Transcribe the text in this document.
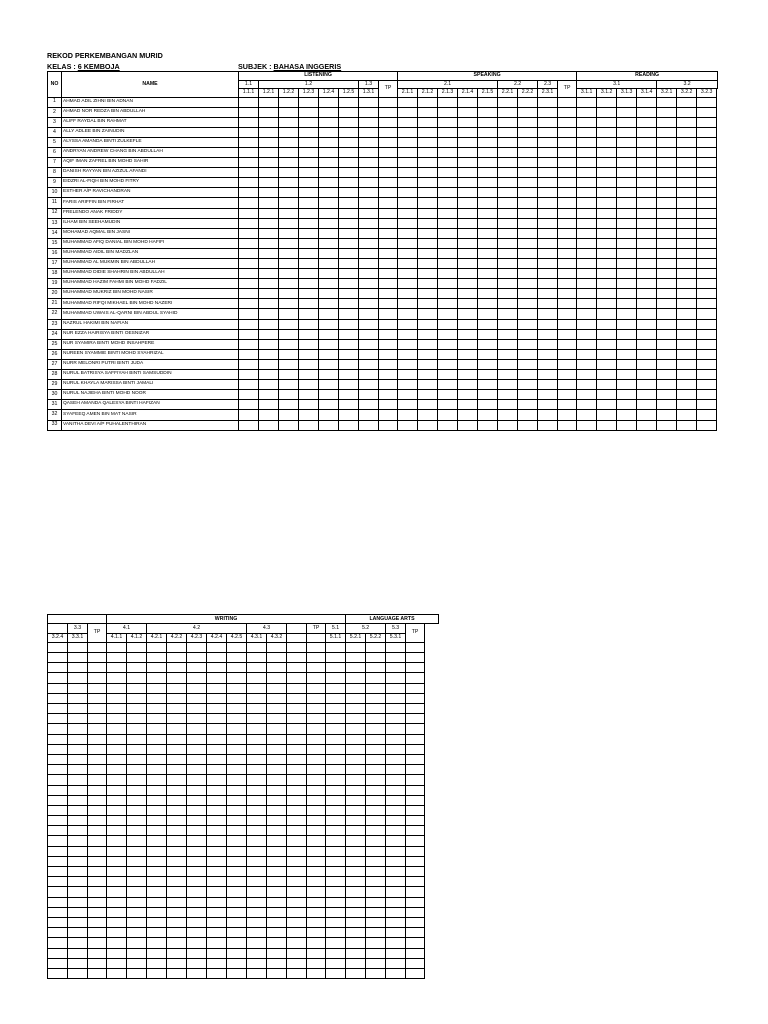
REKOD PERKEMBANGAN MURID
KELAS : 6 KEMBOJA	SUBJEK : BAHASA INGGERIS
NO	NAME	LISTENING								SPEAKING									READING						
		1.1	1.2					1.3	TP	2.1					2.2		2.3	TP	3.1				3.2		
		1.1.1	1.2.1	1.2.2	1.2.3	1.2.4	1.2.5	1.3.1		2.1.1	2.1.2	2.1.3	2.1.4	2.1.5	2.2.1	2.2.2	2.3.1		3.1.1	3.1.2	3.1.3	3.1.4	3.2.1	3.2.2	3.2.3
1	AHMAD ADIL ZIHNI BIN ADNAN																								
2	AHMAD NOR REDZA BIN ABDULLAH																								
3	ALIFF RAYDAL BIN RAHMAT																								
4	ALLY ADLEE BIN ZAINUDIN																								
5	ALYSSA AMANDA BINTI ZULKEFLE																								
6	ANDRYAN ANDREW CHANG BIN ABDULLAH																								
7	AQIF IMAN ZAFREL BIN MOHD SAHIR																								
8	DANISH RAYYAN BIN AZIZUL AFANDI																								
9	EIDZRI AL-FIQH BIN MOHD FITRY																								
10	ESTHER A/P RAVICHANDRAN																								
11	FARIS ARIFFIN BIN FIRHAT																								
12	FRELENDO ANAK FRIDDY																								
13	ILHAM BIN SEEHAMUDIN																								
14	MOHAMAD AQMAL BIN JASNI																								
15	MUHAMMAD AFIQ DANIAL BIN MOHD HAFIFI																								
16	MUHAMMAD AIDIL BIN MADZLAN																								
17	MUHAMMAD AL MUKMIN BIN ABDULLAH																								
18	MUHAMMAD DIDIE SHAHRIN BIN ABDULLAH																								
19	MUHAMMAD HAZIM FAHMI BIN MOHD FADZIL																								
20	MUHAMMAD MUKRIZ BIN MOHD NASIR																								
21	MUHAMMAD RIFQI MIKHAEL BIN MOHD NAZERI																								
22	MUHAMMAD UWAIS AL-QARNI BIN ABDUL SYAHID																								
23	NAZRUL HAKIMI BIN NAFIAN																								
24	NUR EZZA HAIRISYA BINTI OESNIZAR																								
25	NUR SYAMIRA BINTI MOHD INSAHPERE																								
26	NUREEN SYAMMIE BINTI MOHD SYAHRIZAL																								
27	NURR MELONRI PUTRI BINTI JUDA																								
28	NURUL BATRISYA SAFFIYAH BINTI SAMSUDDIN																								
29	NURUL KHAYLA MARISSA BINTI JAMALI																								
30	NURUL NAJIEHA BINTI MOHD NOOR																								
31	QASEH AMANDA QALESYA BINTI HAFIZAN																								
32	SYAFEEQ AMEN BIN MAT NASIR																								
33	VANITHA DEVI A/P PUHALENTHIRAN																								
			WRITING												LANGUAGE ARTS			
	3.3	TP	4.1		4.2					4.3			TP	5.1	5.2		5.3	TP
3.2.4	3.3.1		4.1.1	4.1.2	4.2.1	4.2.2	4.2.3	4.2.4	4.2.5	4.3.1	4.3.2			5.1.1	5.2.1	5.2.2	5.3.1	
